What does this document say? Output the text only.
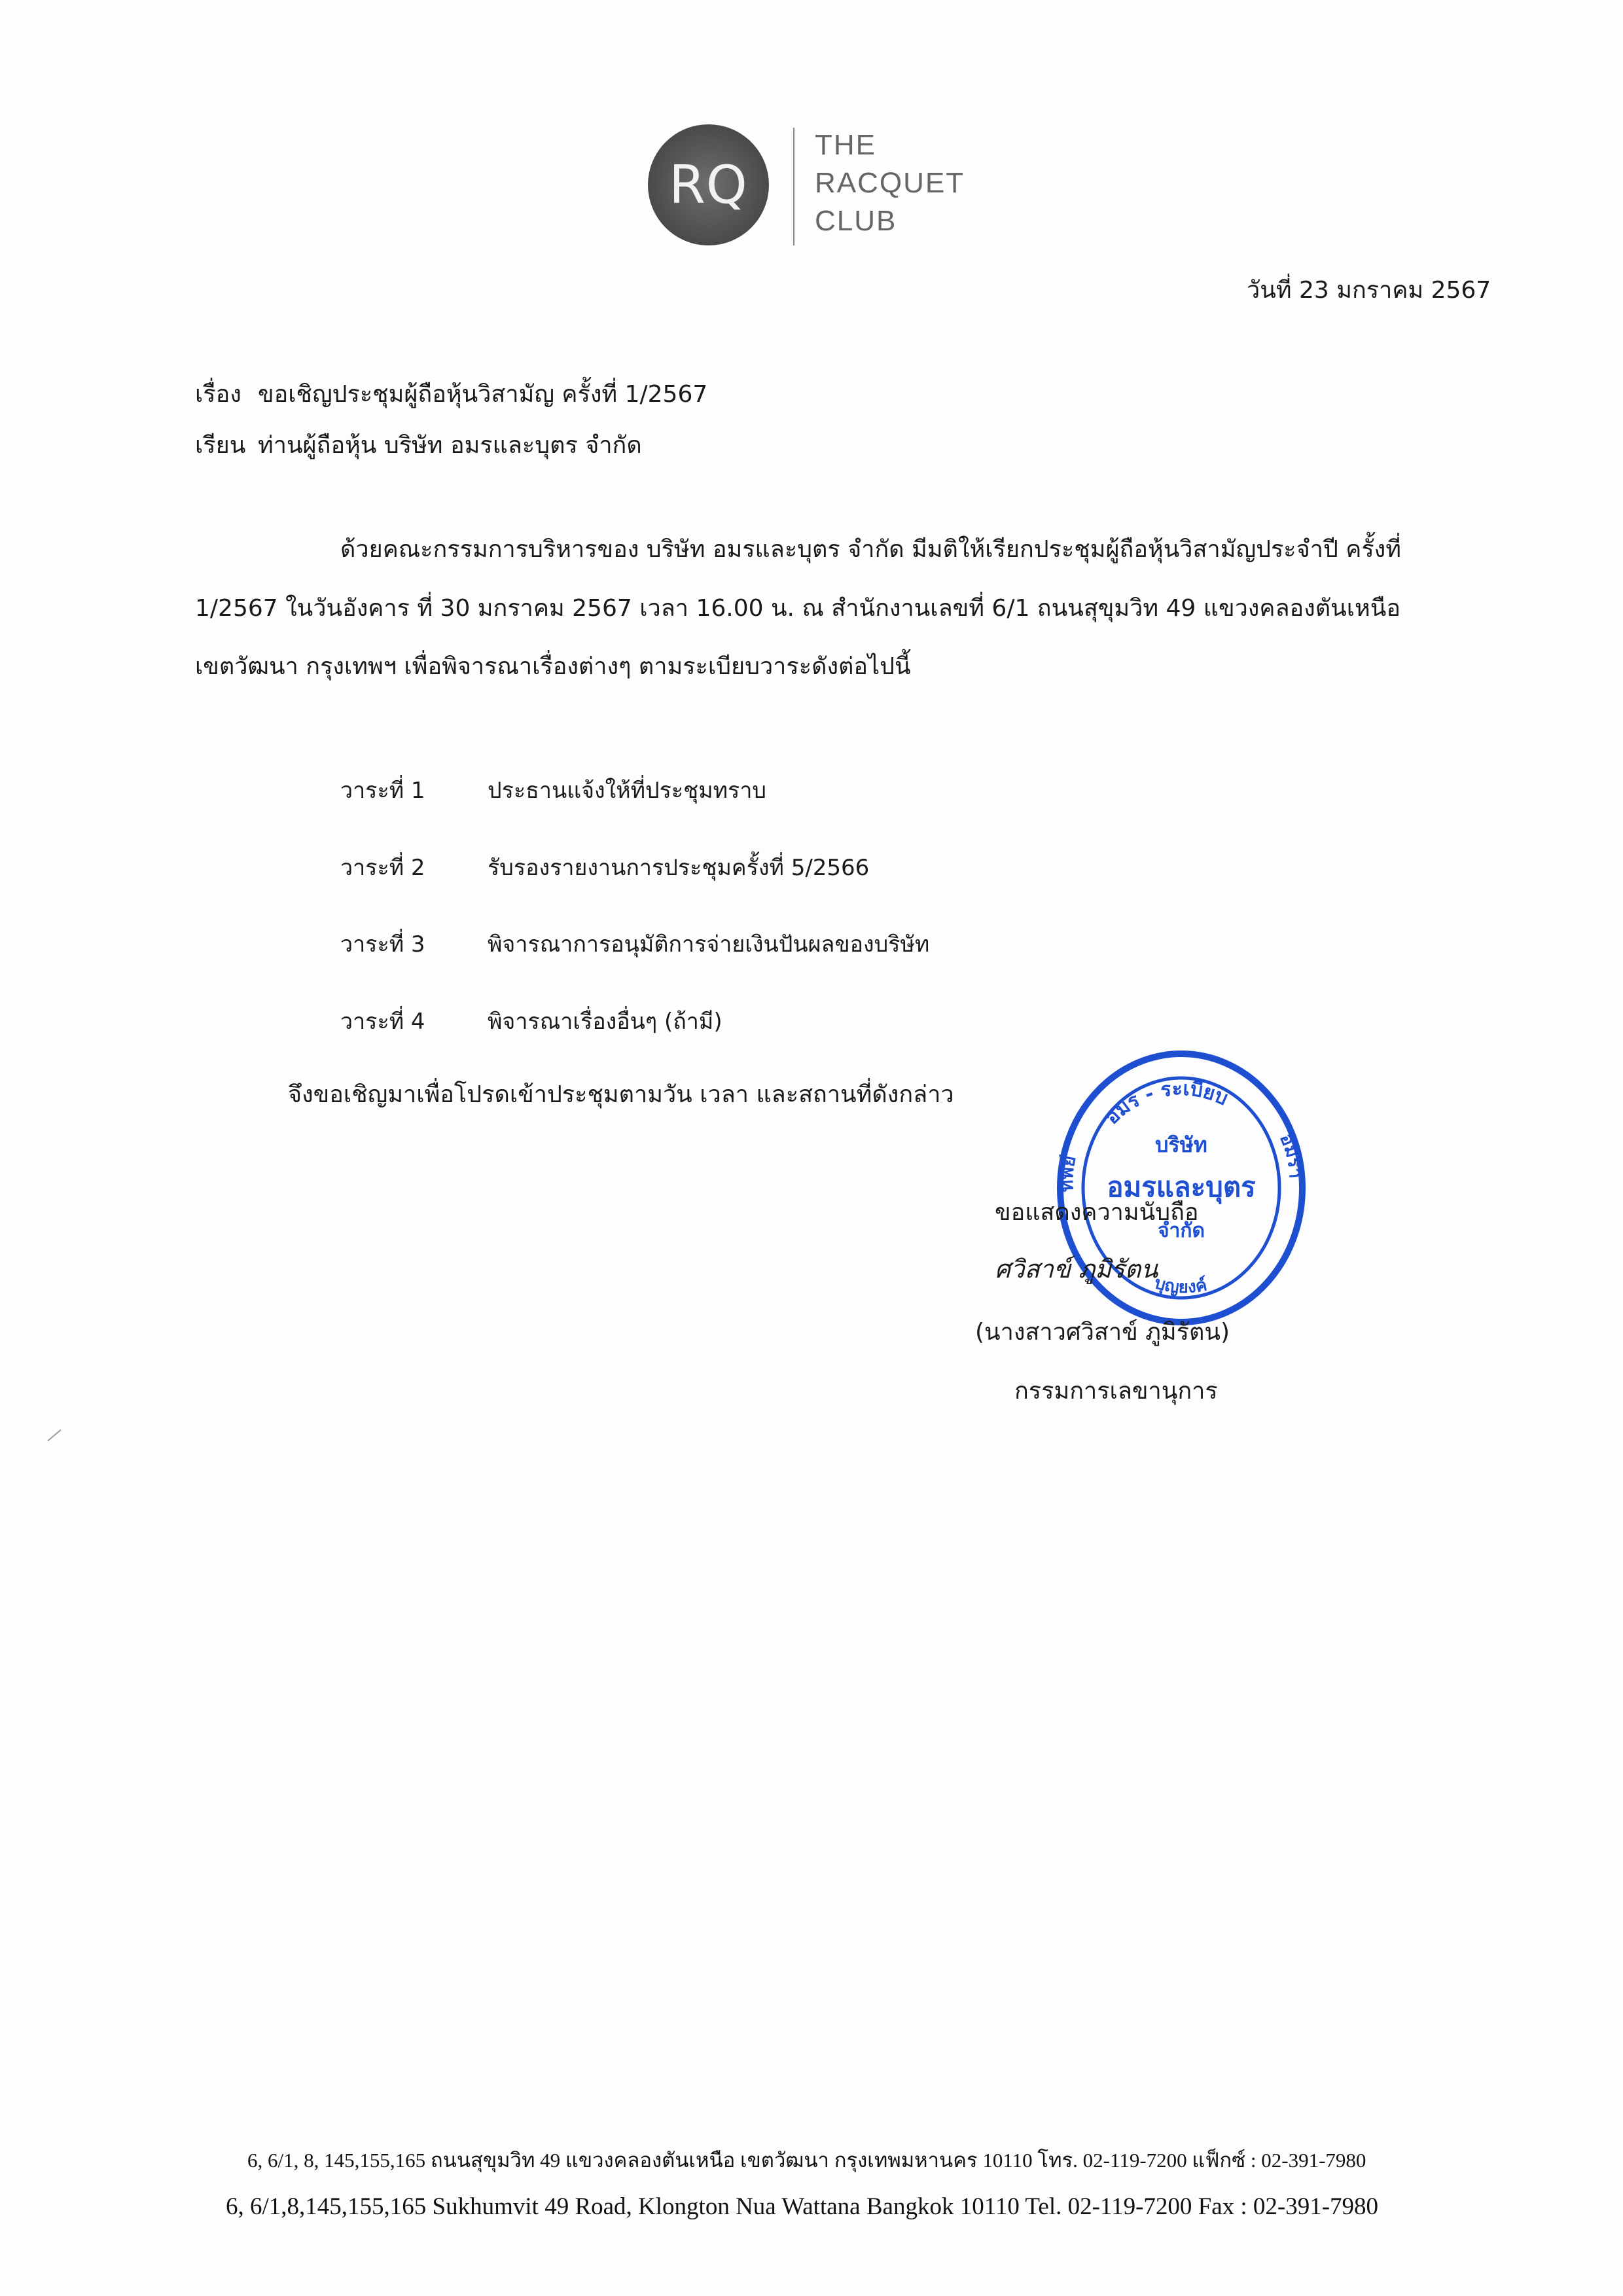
RQ
THE
RACQUET
CLUB
วันที่ 23 มกราคม 2567
เรื่อง ขอเชิญประชุมผู้ถือหุ้นวิสามัญ ครั้งที่ 1/2567
เรียน ท่านผู้ถือหุ้น บริษัท อมรและบุตร จำกัด
ด้วยคณะกรรมการบริหารของ บริษัท อมรและบุตร จำกัด มีมติให้เรียกประชุมผู้ถือหุ้นวิสามัญประจำปี ครั้งที่
1/2567 ในวันอังคาร ที่ 30 มกราคม 2567 เวลา 16.00 น. ณ สำนักงานเลขที่ 6/1 ถนนสุขุมวิท 49 แขวงคลองตันเหนือ
เขตวัฒนา กรุงเทพฯ เพื่อพิจารณาเรื่องต่างๆ ตามระเบียบวาระดังต่อไปนี้
วาระที่ 1	ประธานแจ้งให้ที่ประชุมทราบ
วาระที่ 2	รับรองรายงานการประชุมครั้งที่ 5/2566
วาระที่ 3	พิจารณาการอนุมัติการจ่ายเงินปันผลของบริษัท
วาระที่ 4	พิจารณาเรื่องอื่นๆ (ถ้ามี)
จึงขอเชิญมาเพื่อโปรดเข้าประชุมตามวัน เวลา และสถานที่ดังกล่าว
อมร - ระเบียบ
อมรา
ทิพย์
บุญยงค์
บริษัท
อมรและบุตร
จำกัด
ขอแสดงความนับถือ
ศวิสาข์ ภูมิรัตน
(นางสาวศวิสาข์ ภูมิรัตน)
กรรมการเลขานุการ
6, 6/1, 8, 145,155,165 ถนนสุขุมวิท 49 แขวงคลองตันเหนือ เขตวัฒนา กรุงเทพมหานคร 10110 โทร. 02-119-7200 แฟ็กซ์ : 02-391-7980
6, 6/1,8,145,155,165 Sukhumvit 49 Road, Klongton Nua Wattana Bangkok 10110 Tel. 02-119-7200 Fax : 02-391-7980
